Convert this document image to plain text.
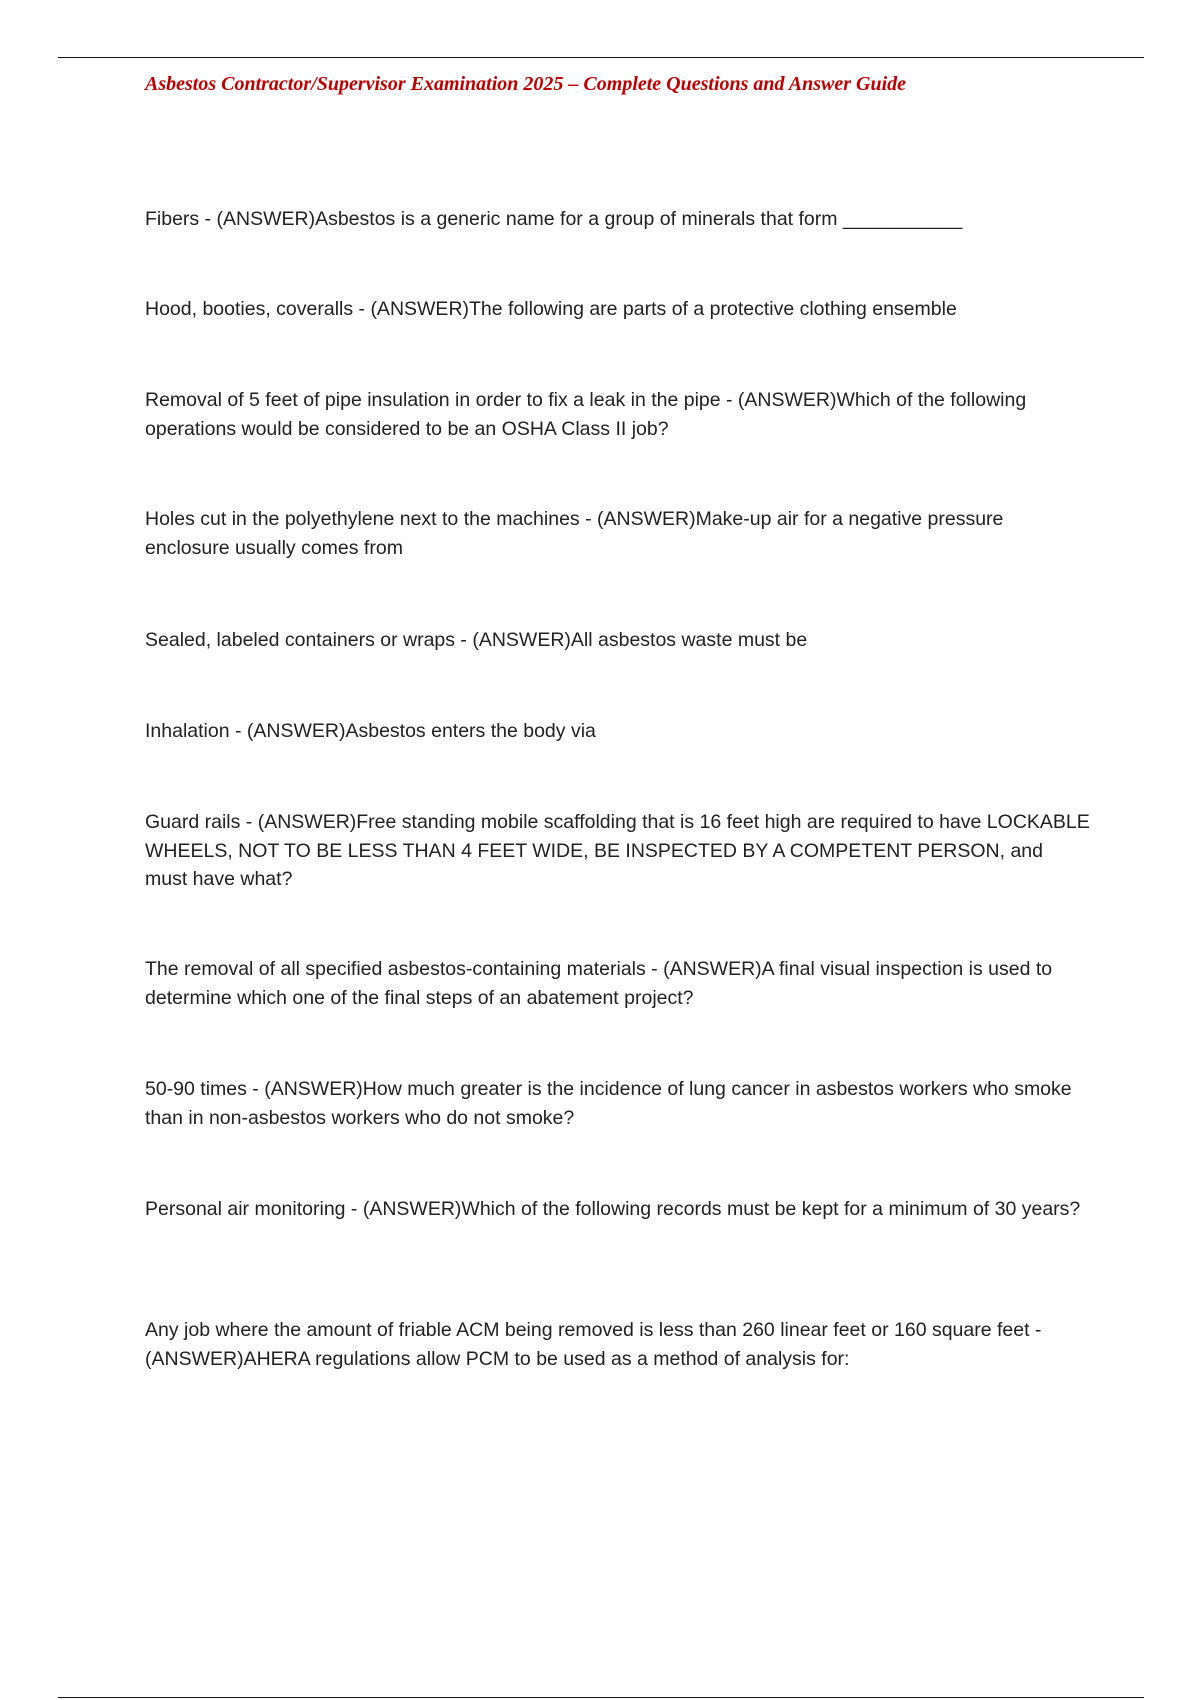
Asbestos Contractor/Supervisor Examination 2025 – Complete Questions and Answer Guide

Fibers - (ANSWER)Asbestos is a generic name for a group of minerals that form ___________

Hood, booties, coveralls - (ANSWER)The following are parts of a protective clothing ensemble

Removal of 5 feet of pipe insulation in order to fix a leak in the pipe - (ANSWER)Which of the following operations would be considered to be an OSHA Class II job?

Holes cut in the polyethylene next to the machines - (ANSWER)Make-up air for a negative pressure enclosure usually comes from

Sealed, labeled containers or wraps - (ANSWER)All asbestos waste must be

Inhalation - (ANSWER)Asbestos enters the body via

Guard rails - (ANSWER)Free standing mobile scaffolding that is 16 feet high are required to have LOCKABLE WHEELS, NOT TO BE LESS THAN 4 FEET WIDE, BE INSPECTED BY A COMPETENT PERSON, and must have what?

The removal of all specified asbestos-containing materials - (ANSWER)A final visual inspection is used to determine which one of the final steps of an abatement project?

50-90 times - (ANSWER)How much greater is the incidence of lung cancer in asbestos workers who smoke than in non-asbestos workers who do not smoke?

Personal air monitoring - (ANSWER)Which of the following records must be kept for a minimum of 30 years?

Any job where the amount of friable ACM being removed is less than 260 linear feet or 160 square feet - (ANSWER)AHERA regulations allow PCM to be used as a method of analysis for:
